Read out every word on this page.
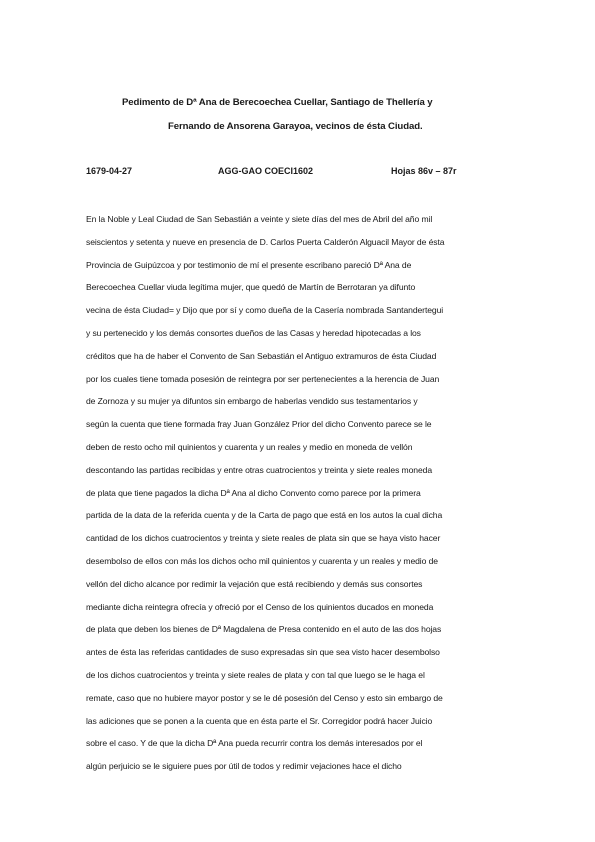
Pedimento de Dª Ana de Berecoechea Cuellar, Santiago de Thellería y
Fernando de Ansorena Garayoa, vecinos de ésta Ciudad.
1679-04-27	AGG-GAO COECI1602	Hojas 86v – 87r
En la Noble y Leal Ciudad de San Sebastián a veinte y siete días del mes de Abril del año mil
seiscientos y setenta y nueve en presencia de D. Carlos Puerta Calderón Alguacil Mayor de ésta
Provincia de Guipúzcoa y por testimonio de mí el presente escribano pareció Dª Ana de
Berecoechea Cuellar viuda legítima mujer, que quedó de Martín de Berrotaran ya difunto
vecina de ésta Ciudad= y Dijo que por sí y como dueña de la Casería nombrada Santandertegui
y su pertenecido y los demás consortes dueños de las Casas y heredad hipotecadas a los
créditos que ha de haber el Convento de San Sebastián el Antiguo extramuros de ésta Ciudad
por los cuales tiene tomada posesión de reintegra por ser pertenecientes a la herencia de Juan
de Zornoza y su mujer ya difuntos sin embargo de haberlas vendido sus testamentarios y
según la cuenta que tiene formada fray Juan González Prior del dicho Convento parece se le
deben de resto ocho mil quinientos y cuarenta y un reales y medio en moneda de vellón
descontando las partidas recibidas y entre otras cuatrocientos y treinta y siete reales moneda
de plata que tiene pagados la dicha Dª Ana al dicho Convento como parece por la primera
partida de la data de la referida cuenta y de la Carta de pago que está en los autos la cual dicha
cantidad de los dichos cuatrocientos y treinta y siete reales de plata sin que se haya visto hacer
desembolso de ellos con más los dichos ocho mil quinientos y cuarenta y un reales y medio de
vellón del dicho alcance por redimir la vejación que está recibiendo y demás sus consortes
mediante dicha reintegra ofrecía y ofreció por el Censo de los quinientos ducados en moneda
de plata que deben los bienes de Dª Magdalena de Presa contenido en el auto de las dos hojas
antes de ésta las referidas cantidades de suso expresadas sin que sea visto hacer desembolso
de los dichos cuatrocientos y treinta y siete reales de plata y con tal que luego se le haga el
remate, caso que no hubiere mayor postor y se le dé posesión del Censo y esto sin embargo de
las adiciones que se ponen a la cuenta que en ésta parte el Sr. Corregidor podrá hacer Juicio
sobre el caso. Y de que la dicha Dª Ana pueda recurrir contra los demás interesados por el
algún perjuicio se le siguiere pues por útil de todos y redimir vejaciones hace el dicho
